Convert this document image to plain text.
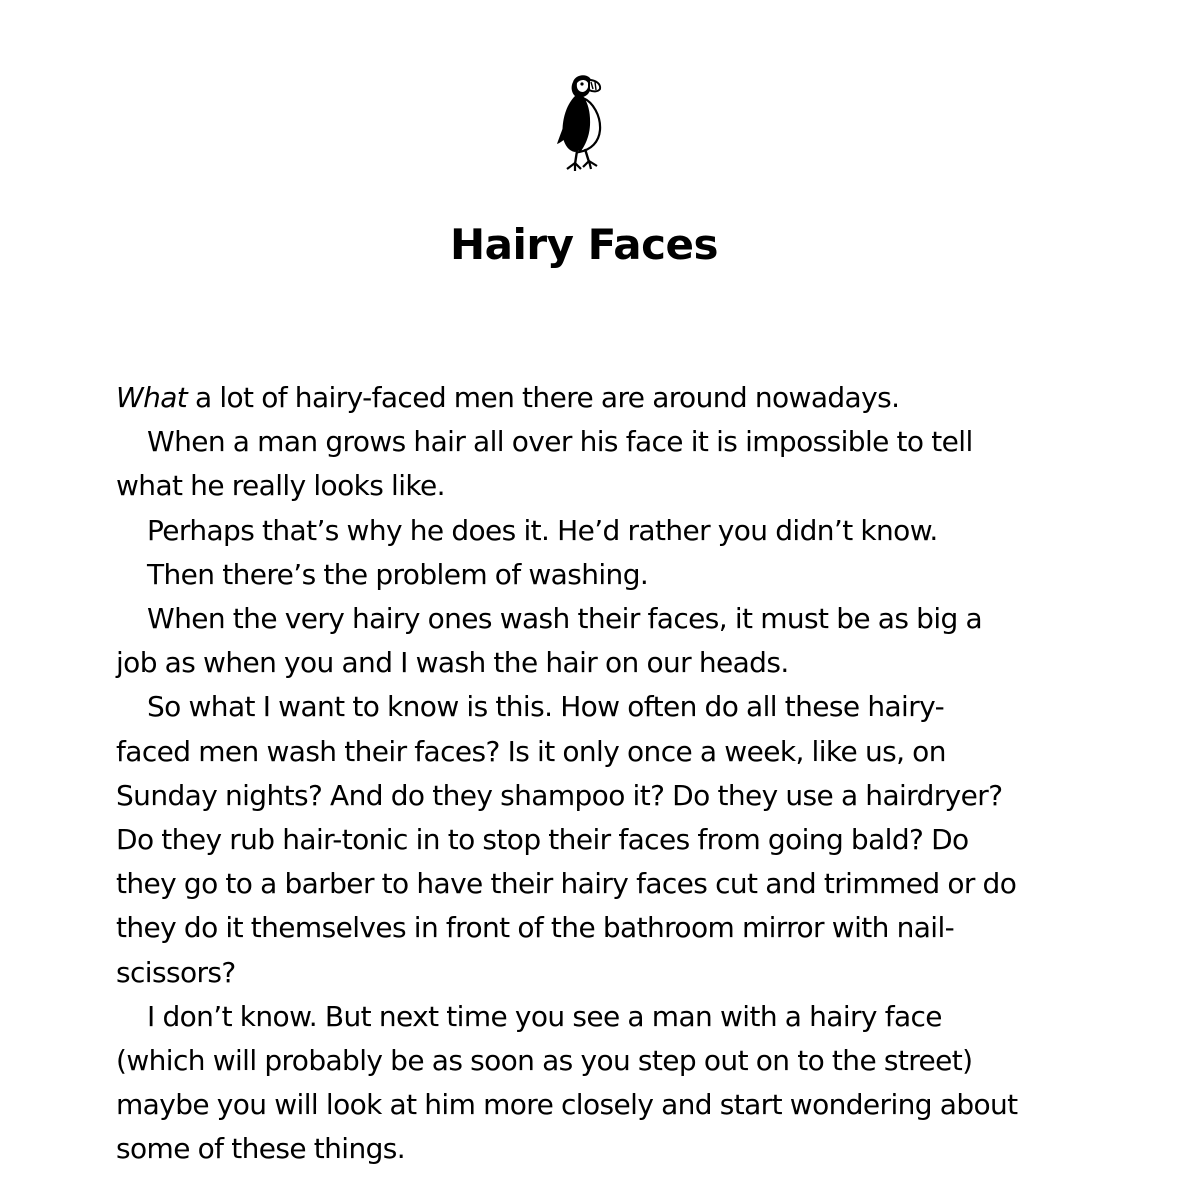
Hairy Faces
What a lot of hairy-faced men there are around nowadays.
When a man grows hair all over his face it is impossible to tell
what he really looks like.
Perhaps that’s why he does it. He’d rather you didn’t know.
Then there’s the problem of washing.
When the very hairy ones wash their faces, it must be as big a
job as when you and I wash the hair on our heads.
So what I want to know is this. How often do all these hairy-
faced men wash their faces? Is it only once a week, like us, on
Sunday nights? And do they shampoo it? Do they use a hairdryer?
Do they rub hair-tonic in to stop their faces from going bald? Do
they go to a barber to have their hairy faces cut and trimmed or do
they do it themselves in front of the bathroom mirror with nail-
scissors?
I don’t know. But next time you see a man with a hairy face
(which will probably be as soon as you step out on to the street)
maybe you will look at him more closely and start wondering about
some of these things.
